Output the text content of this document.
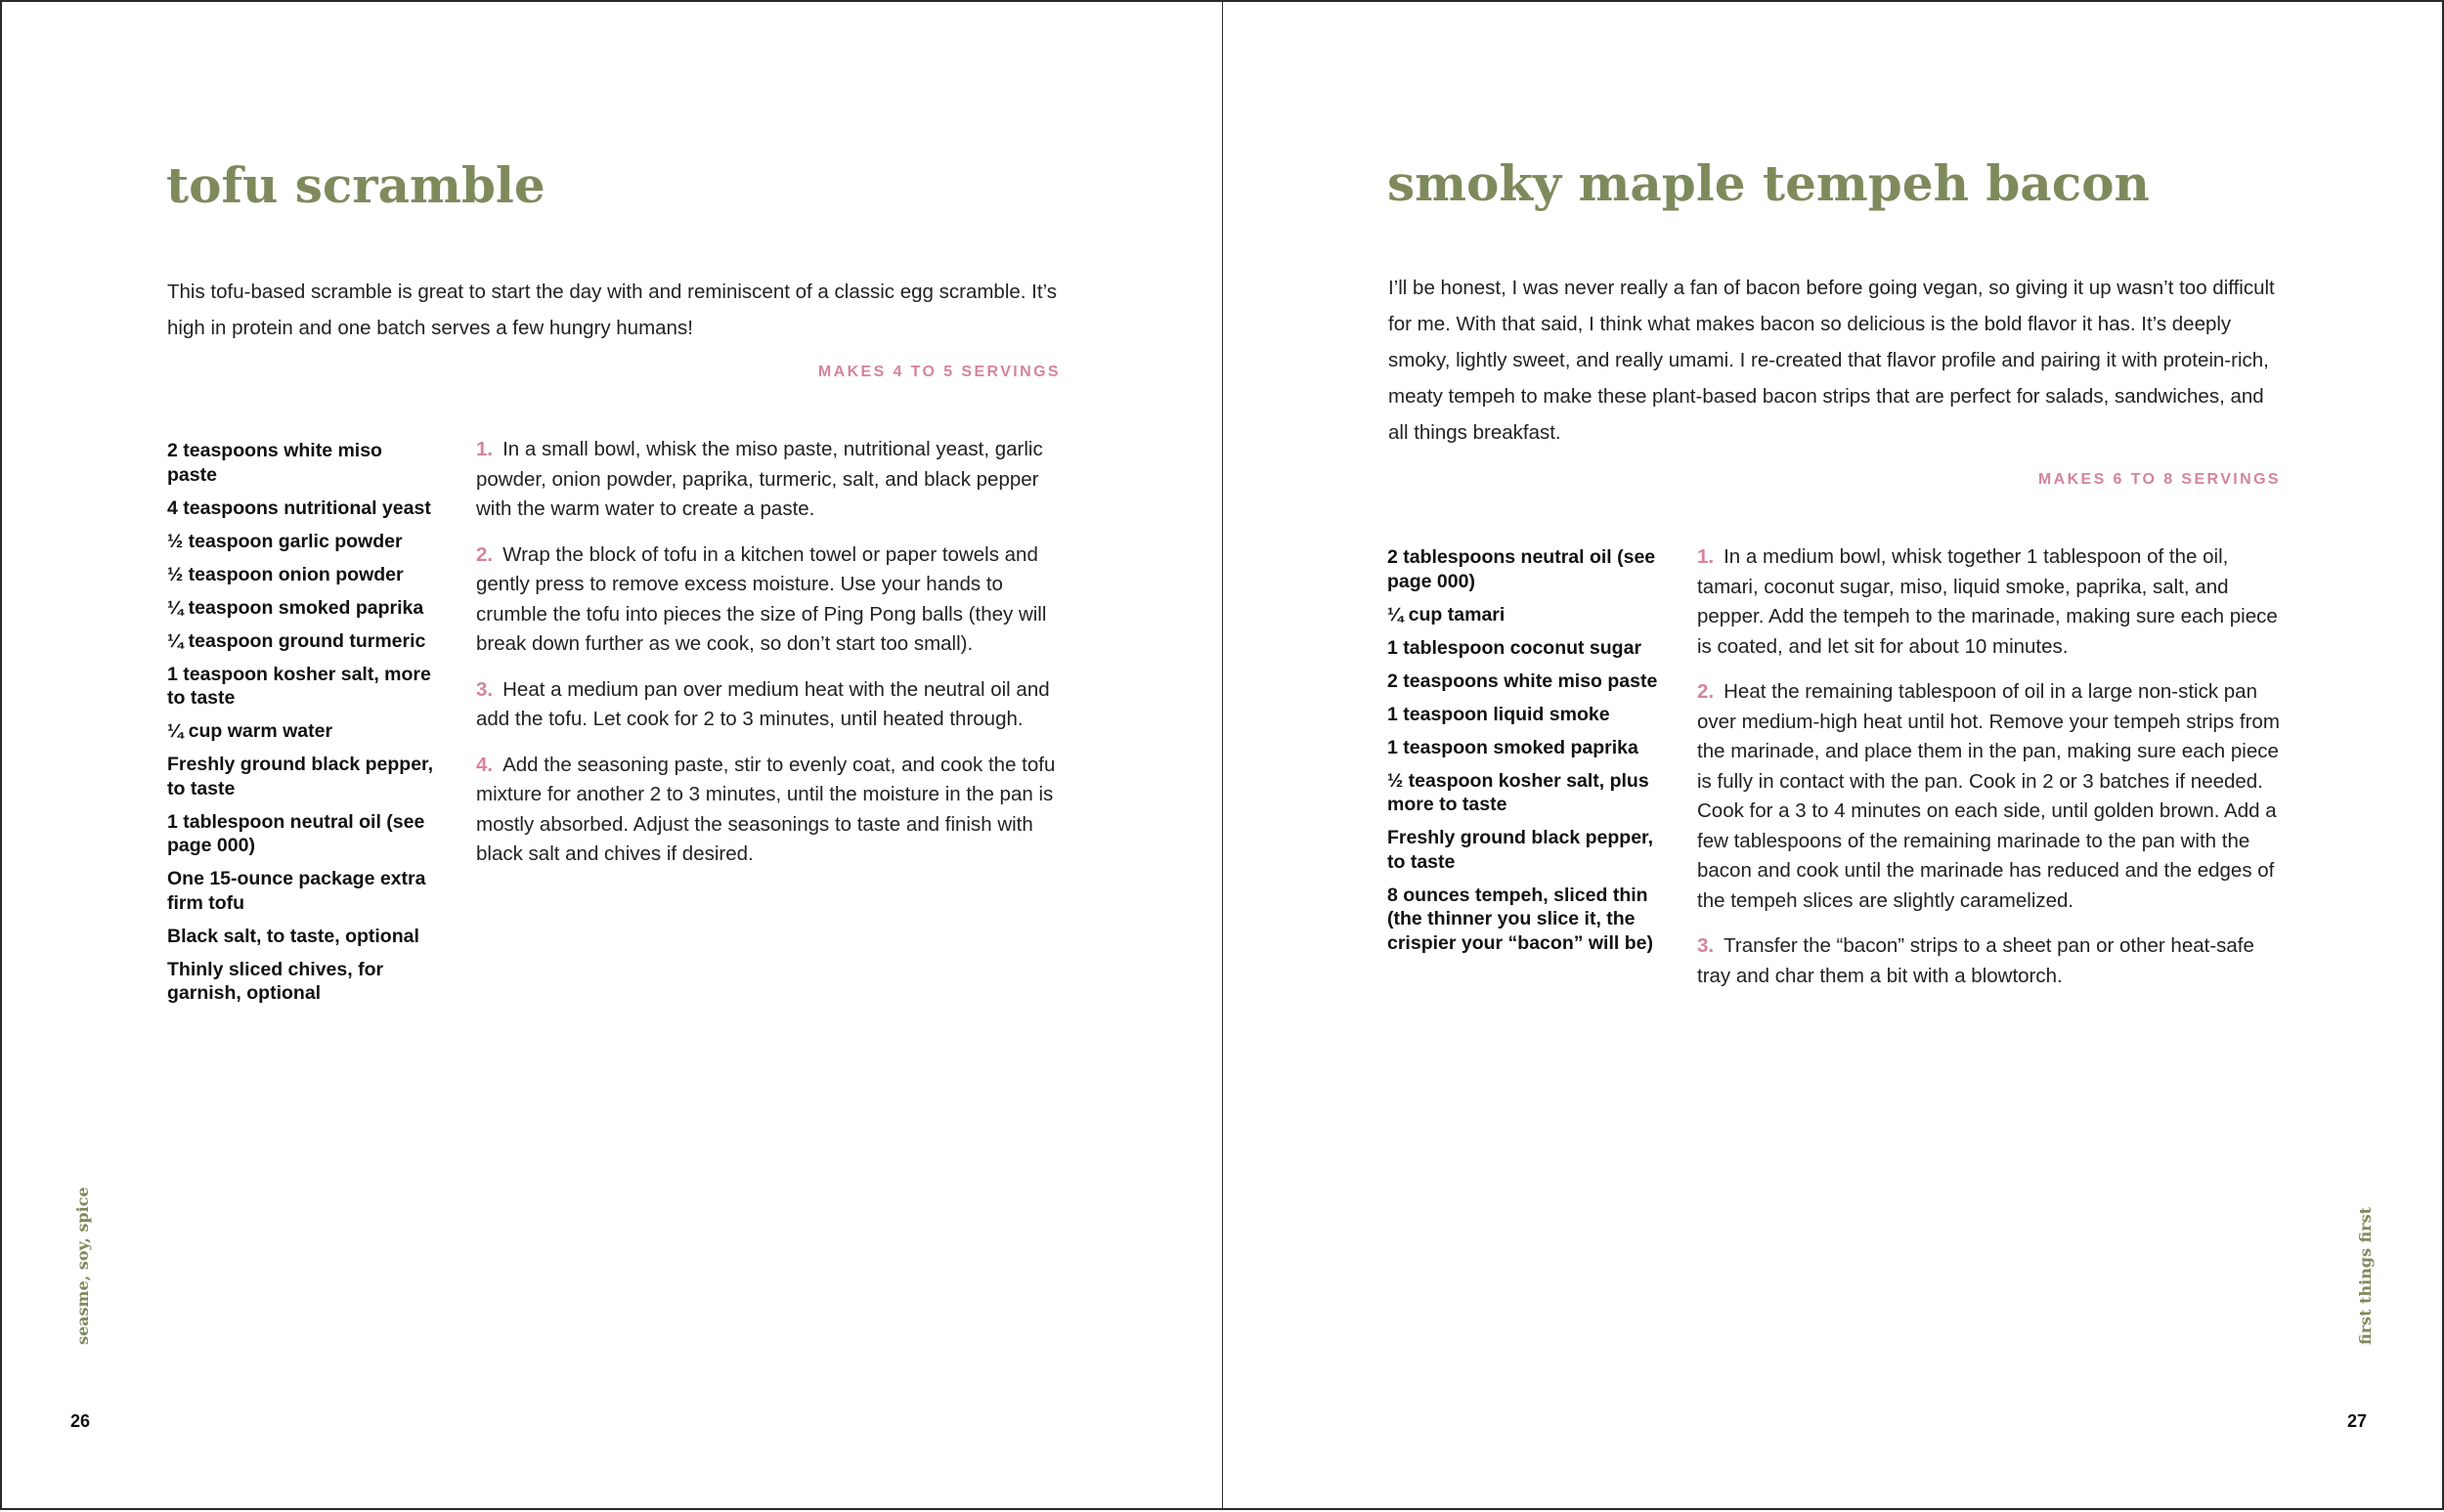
tofu scramble

This tofu-based scramble is great to start the day with and reminiscent of a classic egg scramble. It’s high in protein and one batch serves a few hungry humans!

MAKES 4 TO 5 SERVINGS

2 teaspoons white miso paste
4 teaspoons nutritional yeast
½ teaspoon garlic powder
½ teaspoon onion powder
¼ teaspoon smoked paprika
¼ teaspoon ground turmeric
1 teaspoon kosher salt, more to taste
¼ cup warm water
Freshly ground black pepper, to taste
1 tablespoon neutral oil (see page 000)
One 15-ounce package extra firm tofu
Black salt, to taste, optional
Thinly sliced chives, for garnish, optional
1. In a small bowl, whisk the miso paste, nutritional yeast, garlic powder, onion powder, paprika, turmeric, salt, and black pepper with the warm water to create a paste.
2. Wrap the block of tofu in a kitchen towel or paper towels and gently press to remove excess moisture. Use your hands to crumble the tofu into pieces the size of Ping Pong balls (they will break down further as we cook, so don’t start too small).
3. Heat a medium pan over medium heat with the neutral oil and add the tofu. Let cook for 2 to 3 minutes, until heated through.
4. Add the seasoning paste, stir to evenly coat, and cook the tofu mixture for another 2 to 3 minutes, until the moisture in the pan is mostly absorbed. Adjust the seasonings to taste and finish with black salt and chives if desired.
seasme, soy, spice
26
smoky maple tempeh bacon

I’ll be honest, I was never really a fan of bacon before going vegan, so giving it up wasn’t too difficult for me. With that said, I think what makes bacon so delicious is the bold flavor it has. It’s deeply smoky, lightly sweet, and really umami. I re-created that flavor profile and pairing it with protein-rich, meaty tempeh to make these plant-based bacon strips that are perfect for salads, sandwiches, and all things breakfast.

MAKES 6 TO 8 SERVINGS

2 tablespoons neutral oil (see page 000)
¼ cup tamari
1 tablespoon coconut sugar
2 teaspoons white miso paste
1 teaspoon liquid smoke
1 teaspoon smoked paprika
½ teaspoon kosher salt, plus more to taste
Freshly ground black pepper, to taste
8 ounces tempeh, sliced thin (the thinner you slice it, the crispier your “bacon” will be)
1. In a medium bowl, whisk together 1 tablespoon of the oil, tamari, coconut sugar, miso, liquid smoke, paprika, salt, and pepper. Add the tempeh to the marinade, making sure each piece is coated, and let sit for about 10 minutes.
2. Heat the remaining tablespoon of oil in a large non-stick pan over medium-high heat until hot. Remove your tempeh strips from the marinade, and place them in the pan, making sure each piece is fully in contact with the pan. Cook in 2 or 3 batches if needed. Cook for a 3 to 4 minutes on each side, until golden brown. Add a few tablespoons of the remaining marinade to the pan with the bacon and cook until the marinade has reduced and the edges of the tempeh slices are slightly caramelized.
3. Transfer the “bacon” strips to a sheet pan or other heat-safe tray and char them a bit with a blowtorch.
first things first
27
